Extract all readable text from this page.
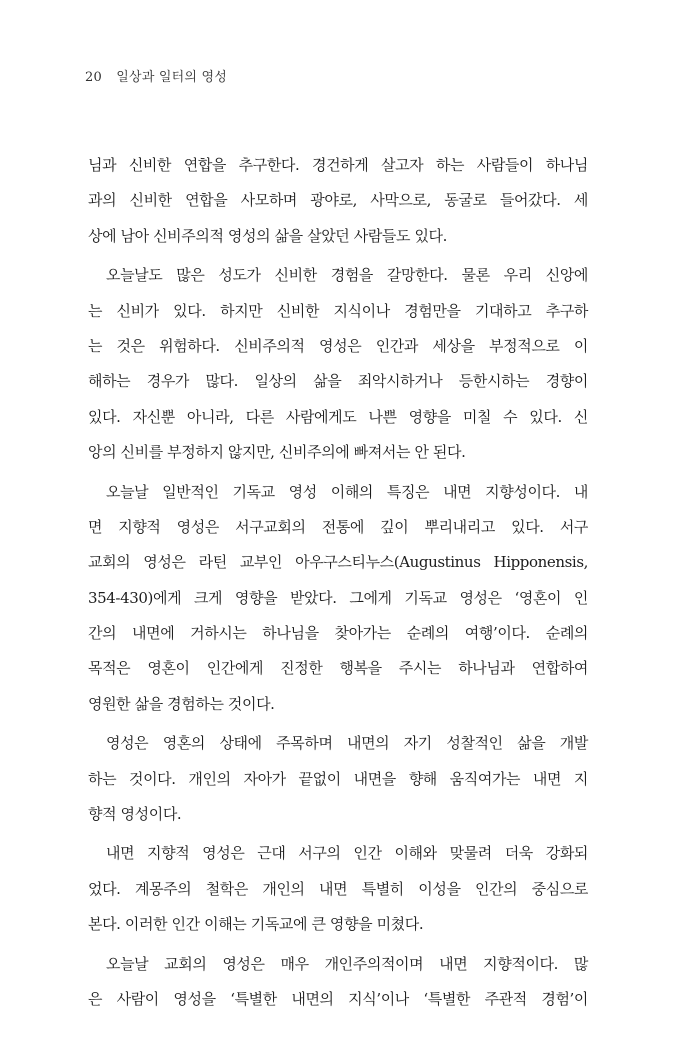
20 일상과 일터의 영성
님과 신비한 연합을 추구한다. 경건하게 살고자 하는 사람들이 하나님
과의 신비한 연합을 사모하며 광야로, 사막으로, 동굴로 들어갔다. 세
상에 남아 신비주의적 영성의 삶을 살았던 사람들도 있다.
오늘날도 많은 성도가 신비한 경험을 갈망한다. 물론 우리 신앙에
는 신비가 있다. 하지만 신비한 지식이나 경험만을 기대하고 추구하
는 것은 위험하다. 신비주의적 영성은 인간과 세상을 부정적으로 이
해하는 경우가 많다. 일상의 삶을 죄악시하거나 등한시하는 경향이
있다. 자신뿐 아니라, 다른 사람에게도 나쁜 영향을 미칠 수 있다. 신
앙의 신비를 부정하지 않지만, 신비주의에 빠져서는 안 된다.
오늘날 일반적인 기독교 영성 이해의 특징은 내면 지향성이다. 내
면 지향적 영성은 서구교회의 전통에 깊이 뿌리내리고 있다. 서구
교회의 영성은 라틴 교부인 아우구스티누스(Augustinus Hipponensis,
354-430)에게 크게 영향을 받았다. 그에게 기독교 영성은 ‘영혼이 인
간의 내면에 거하시는 하나님을 찾아가는 순례의 여행’이다. 순례의
목적은 영혼이 인간에게 진정한 행복을 주시는 하나님과 연합하여
영원한 삶을 경험하는 것이다.
영성은 영혼의 상태에 주목하며 내면의 자기 성찰적인 삶을 개발
하는 것이다. 개인의 자아가 끝없이 내면을 향해 움직여가는 내면 지
향적 영성이다.
내면 지향적 영성은 근대 서구의 인간 이해와 맞물려 더욱 강화되
었다. 계몽주의 철학은 개인의 내면 특별히 이성을 인간의 중심으로
본다. 이러한 인간 이해는 기독교에 큰 영향을 미쳤다.
오늘날 교회의 영성은 매우 개인주의적이며 내면 지향적이다. 많
은 사람이 영성을 ‘특별한 내면의 지식’이나 ‘특별한 주관적 경험’이
